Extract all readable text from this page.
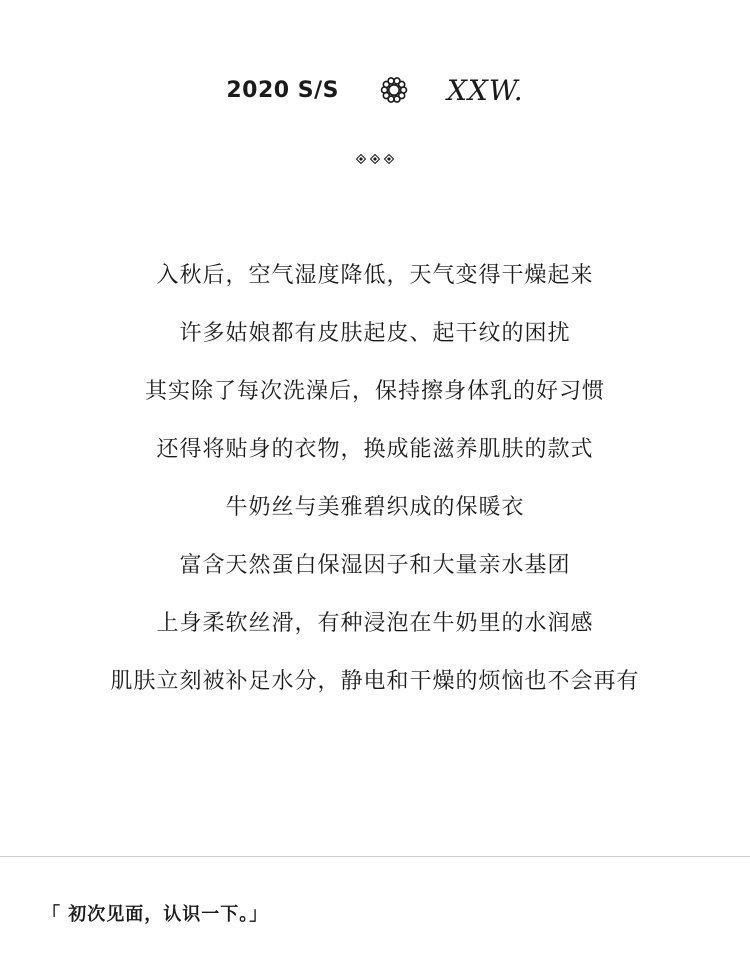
2020 S/S	XXW.
入秋后，空气湿度降低，天气变得干燥起来
许多姑娘都有皮肤起皮、起干纹的困扰
其实除了每次洗澡后，保持擦身体乳的好习惯
还得将贴身的衣物，换成能滋养肌肤的款式
牛奶丝与美雅碧织成的保暖衣
富含天然蛋白保湿因子和大量亲水基团
上身柔软丝滑，有种浸泡在牛奶里的水润感
肌肤立刻被补足水分，静电和干燥的烦恼也不会再有
「 初次见面，认识一下。」
